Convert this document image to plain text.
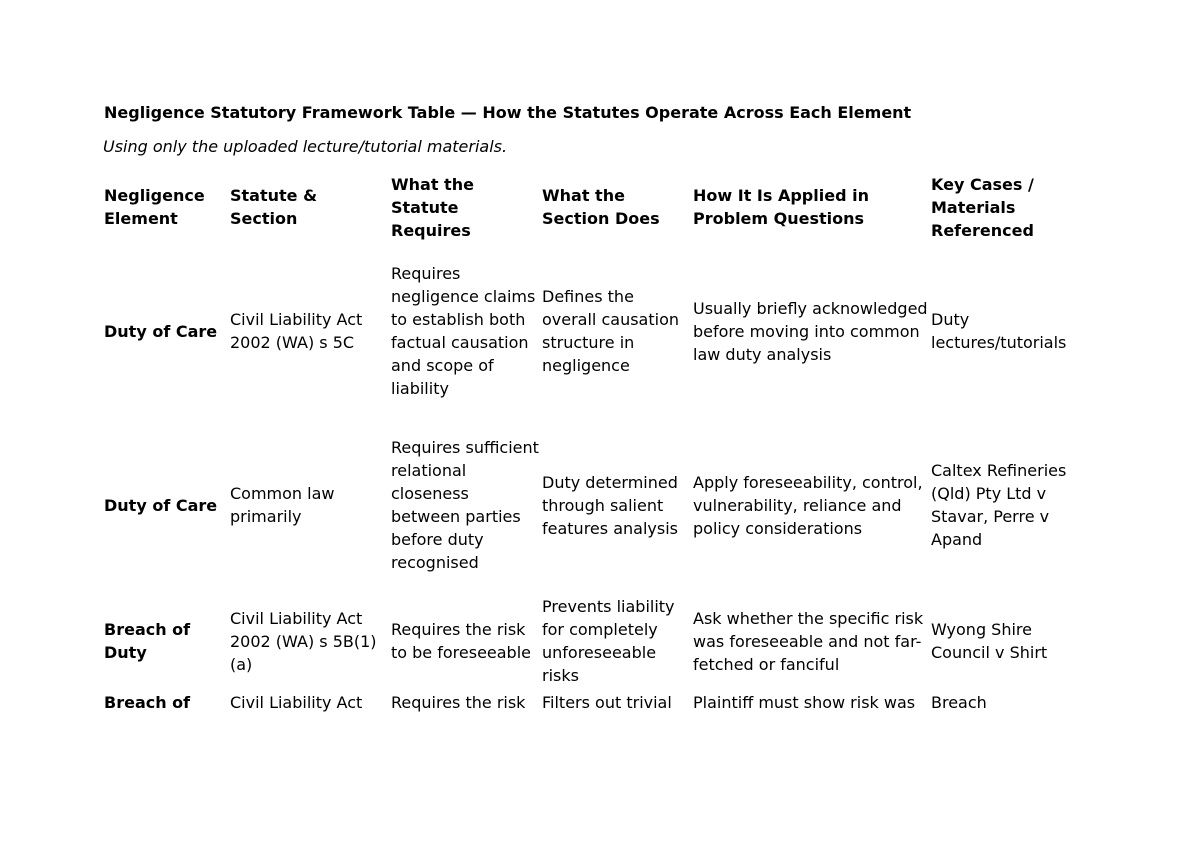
Negligence Statutory Framework Table — How the Statutes Operate Across Each Element
Using only the uploaded lecture/tutorial materials.
Negligence Element	Statute & Section	What the Statute Requires	What the Section Does	How It Is Applied in Problem Questions	Key Cases / Materials Referenced
Duty of Care	Civil Liability Act 2002 (WA) s 5C	Requires negligence claims to establish both factual causation and scope of liability	Defines the overall causation structure in negligence	Usually briefly acknowledged before moving into common law duty analysis	Duty lectures/tutorials
Duty of Care	Common law primarily	Requires sufficient relational closeness between parties before duty recognised	Duty determined through salient features analysis	Apply foreseeability, control, vulnerability, reliance and policy considerations	Caltex Refineries (Qld) Pty Ltd v Stavar, Perre v Apand
Breach of Duty	Civil Liability Act 2002 (WA) s 5B(1)(a)	Requires the risk to be foreseeable	Prevents liability for completely unforeseeable risks	Ask whether the specific risk was foreseeable and not far-fetched or fanciful	Wyong Shire Council v Shirt
Breach of	Civil Liability Act	Requires the risk	Filters out trivial	Plaintiff must show risk was	Breach
